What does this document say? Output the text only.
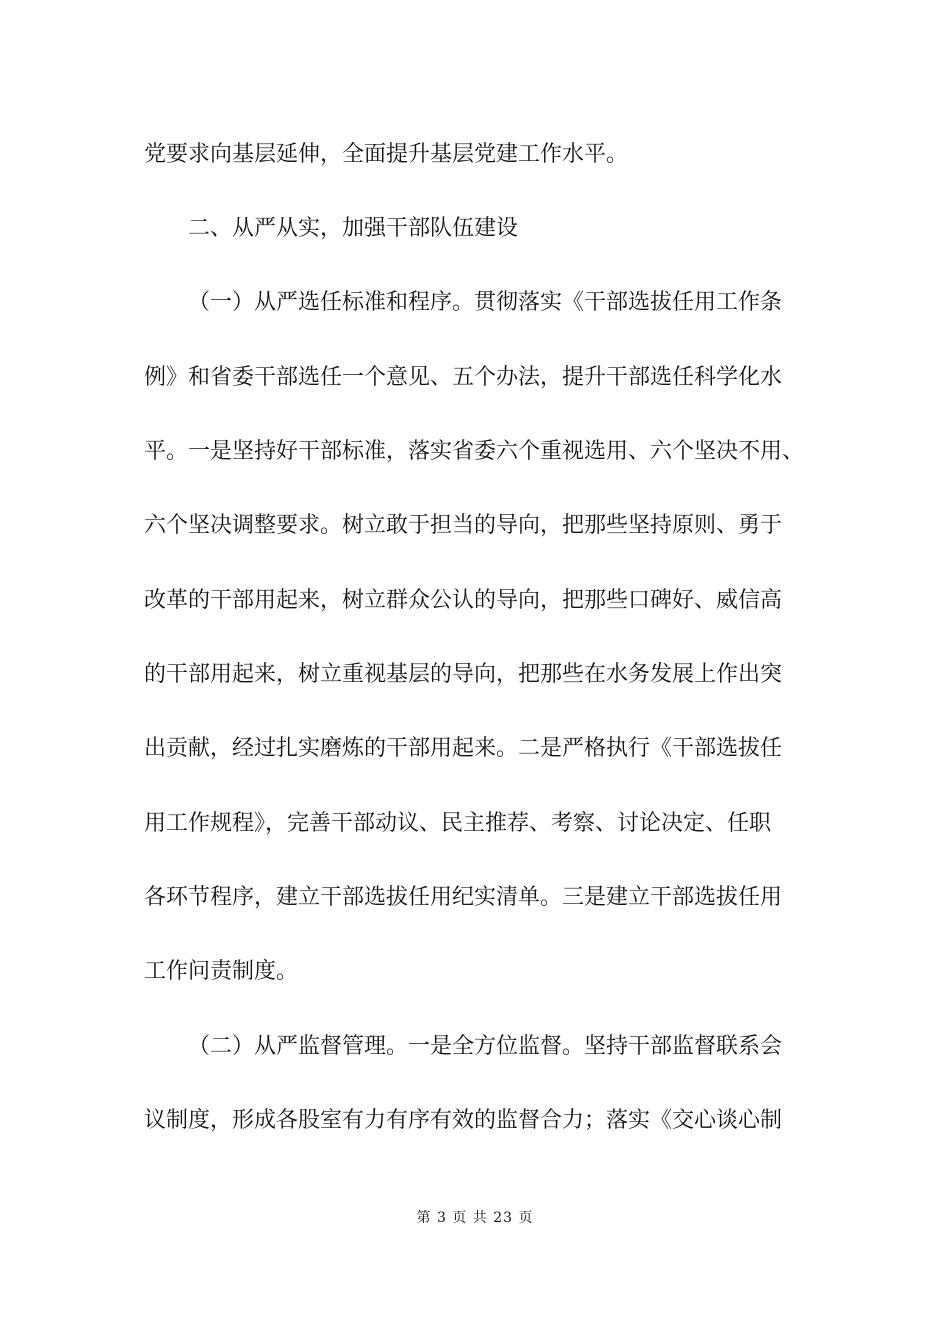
党要求向基层延伸，全面提升基层党建工作水平。
二、从严从实，加强干部队伍建设
（一）从严选任标准和程序。贯彻落实《干部选拔任用工作条
例》和省委干部选任一个意见、五个办法，提升干部选任科学化水
平。一是坚持好干部标准，落实省委六个重视选用、六个坚决不用、
六个坚决调整要求。树立敢于担当的导向，把那些坚持原则、勇于
改革的干部用起来，树立群众公认的导向，把那些口碑好、威信高
的干部用起来，树立重视基层的导向，把那些在水务发展上作出突
出贡献，经过扎实磨炼的干部用起来。二是严格执行《干部选拔任
用工作规程》，完善干部动议、民主推荐、考察、讨论决定、任职
各环节程序，建立干部选拔任用纪实清单。三是建立干部选拔任用
工作问责制度。
（二）从严监督管理。一是全方位监督。坚持干部监督联系会
议制度，形成各股室有力有序有效的监督合力；落实《交心谈心制
第 3 页 共 23 页
